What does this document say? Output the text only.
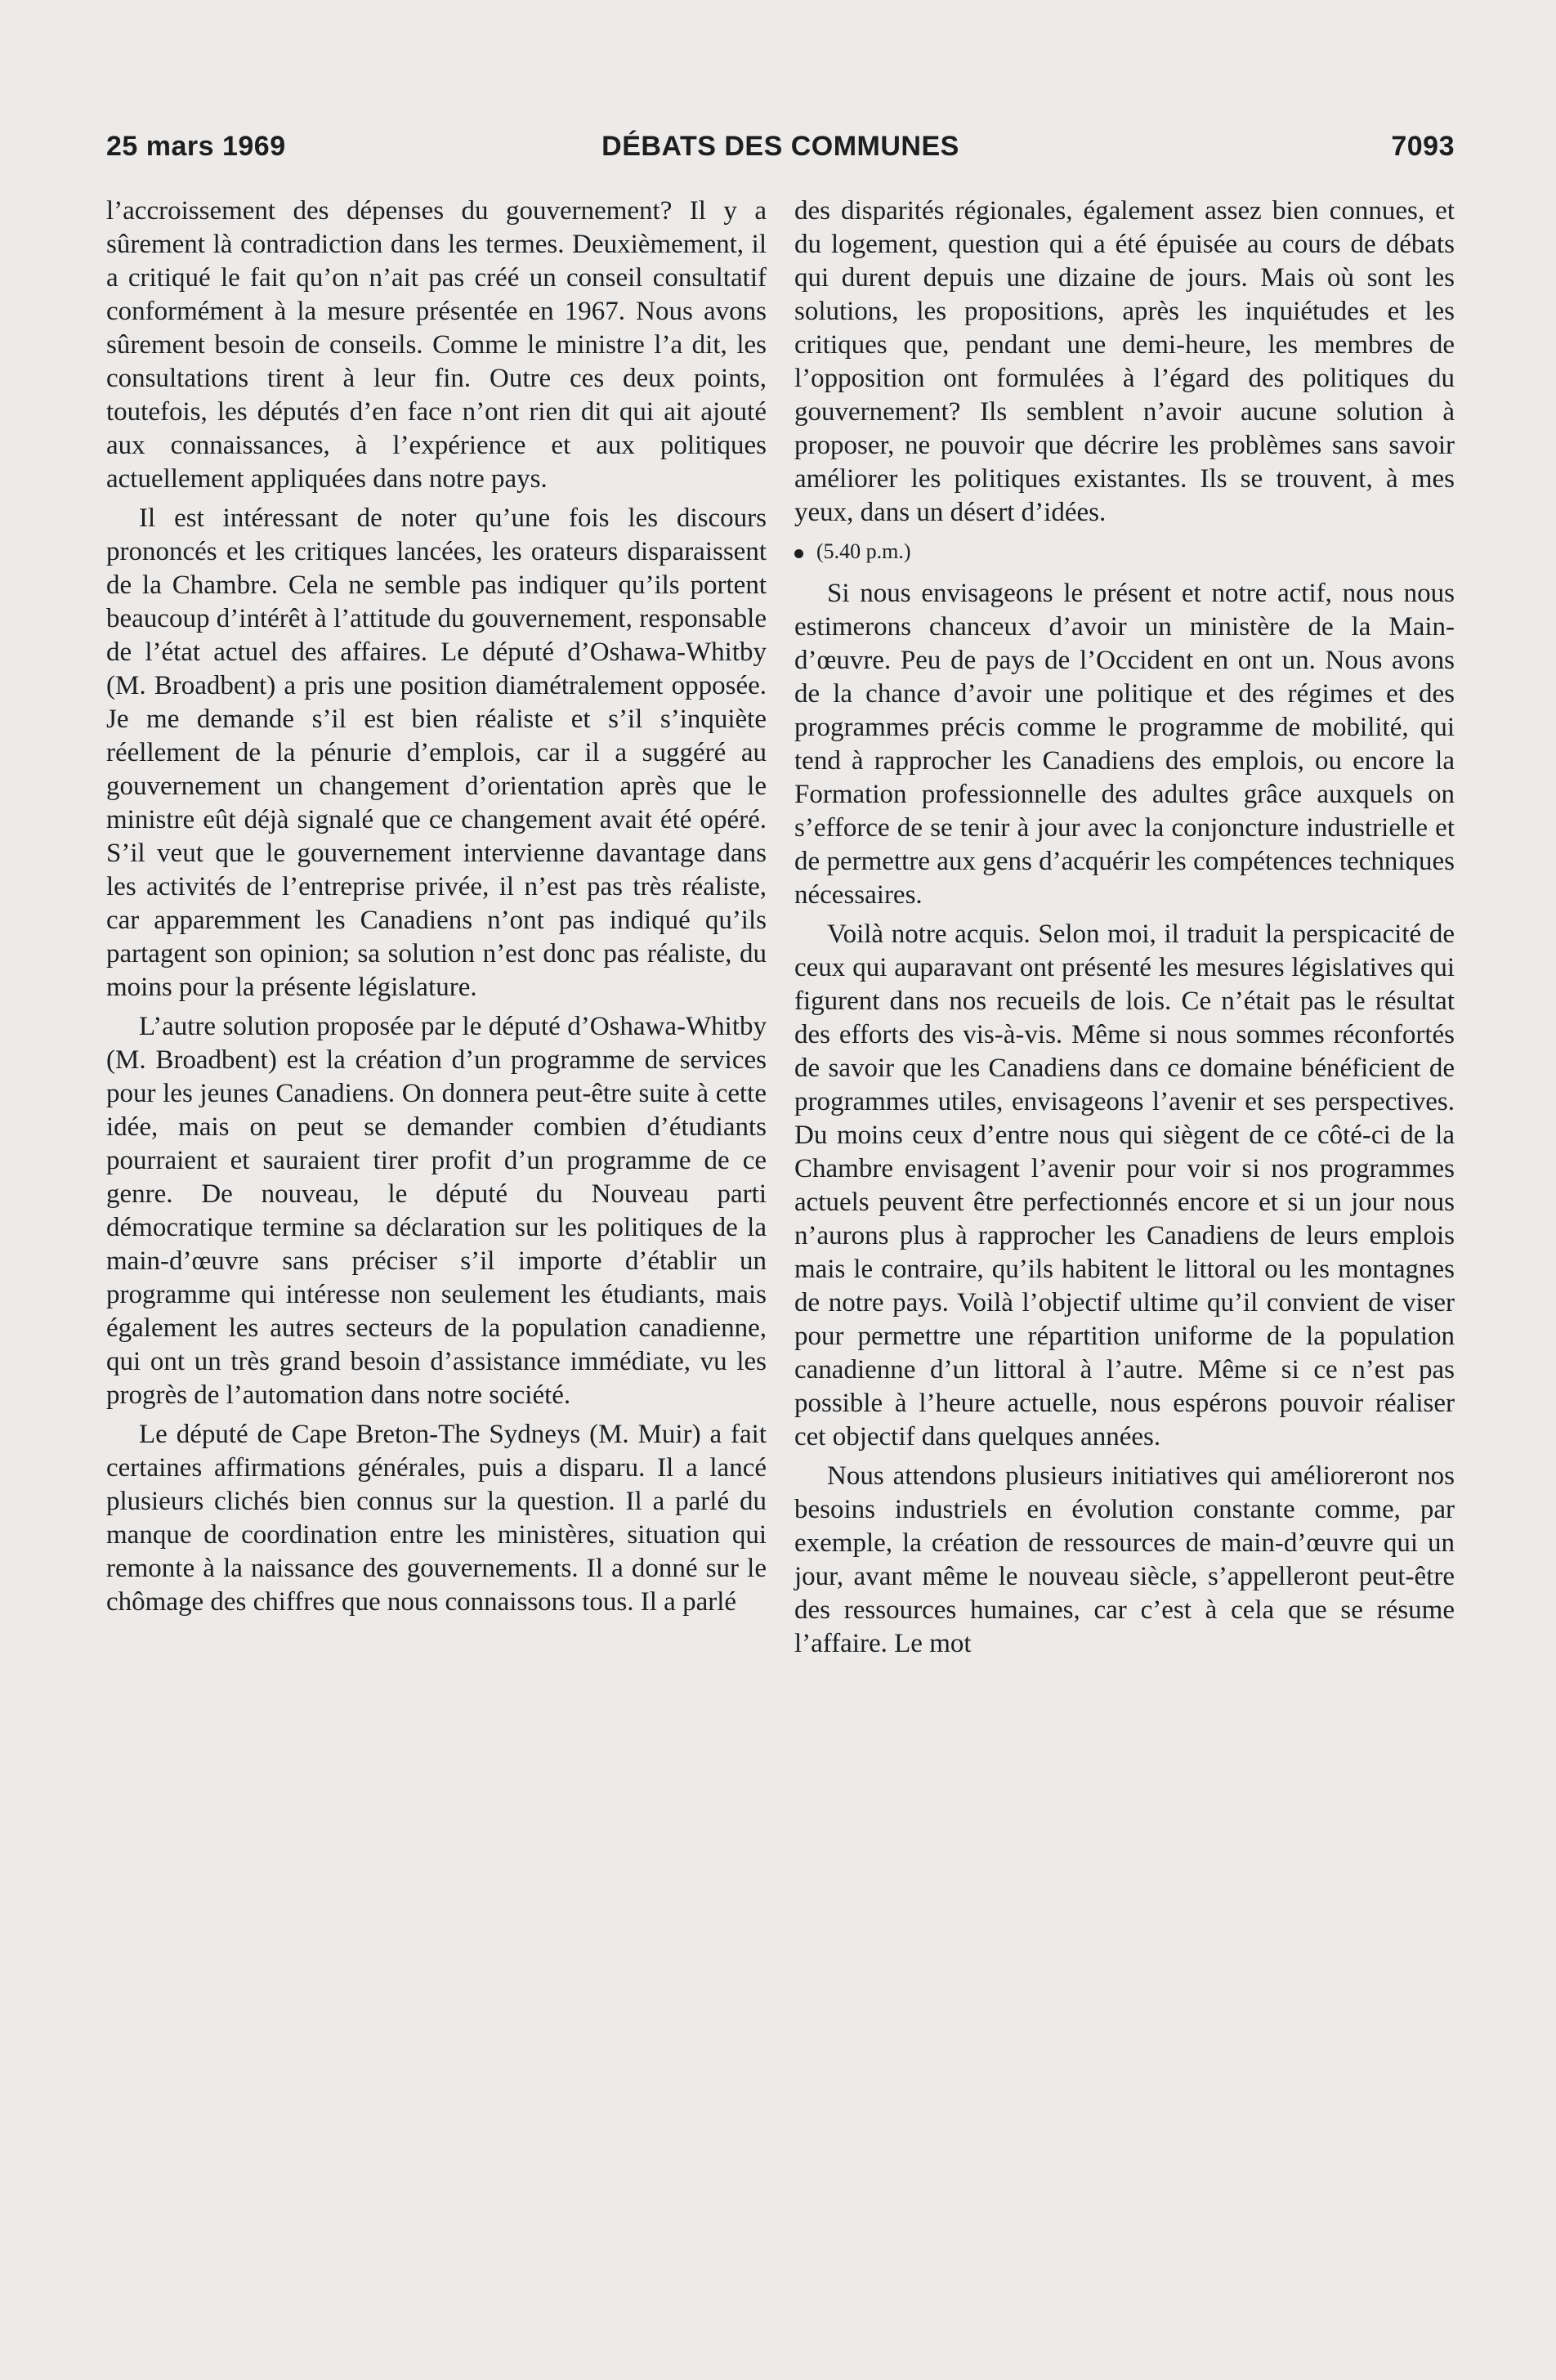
25 mars 1969	DÉBATS DES COMMUNES	7093

l’accroissement des dépenses du gouvernement? Il y a sûrement là contradiction dans les termes. Deuxièmement, il a critiqué le fait qu’on n’ait pas créé un conseil consultatif conformément à la mesure présentée en 1967. Nous avons sûrement besoin de conseils. Comme le ministre l’a dit, les consultations tirent à leur fin. Outre ces deux points, toutefois, les députés d’en face n’ont rien dit qui ait ajouté aux connaissances, à l’expérience et aux politiques actuellement appliquées dans notre pays.

Il est intéressant de noter qu’une fois les discours prononcés et les critiques lancées, les orateurs disparaissent de la Chambre. Cela ne semble pas indiquer qu’ils portent beaucoup d’intérêt à l’attitude du gouvernement, responsable de l’état actuel des affaires. Le député d’Oshawa-Whitby (M. Broadbent) a pris une position diamétralement opposée. Je me demande s’il est bien réaliste et s’il s’inquiète réellement de la pénurie d’emplois, car il a suggéré au gouvernement un changement d’orientation après que le ministre eût déjà signalé que ce changement avait été opéré. S’il veut que le gouvernement intervienne davantage dans les activités de l’entreprise privée, il n’est pas très réaliste, car apparemment les Canadiens n’ont pas indiqué qu’ils partagent son opinion; sa solution n’est donc pas réaliste, du moins pour la présente législature.

L’autre solution proposée par le député d’Oshawa-Whitby (M. Broadbent) est la création d’un programme de services pour les jeunes Canadiens. On donnera peut-être suite à cette idée, mais on peut se demander combien d’étudiants pourraient et sauraient tirer profit d’un programme de ce genre. De nouveau, le député du Nouveau parti démocratique termine sa déclaration sur les politiques de la main-d’œuvre sans préciser s’il importe d’établir un programme qui intéresse non seulement les étudiants, mais également les autres secteurs de la population canadienne, qui ont un très grand besoin d’assistance immédiate, vu les progrès de l’automation dans notre société.

Le député de Cape Breton-The Sydneys (M. Muir) a fait certaines affirmations générales, puis a disparu. Il a lancé plusieurs clichés bien connus sur la question. Il a parlé du manque de coordination entre les ministères, situation qui remonte à la naissance des gouvernements. Il a donné sur le chômage des chiffres que nous connaissons tous. Il a parlé

des disparités régionales, également assez bien connues, et du logement, question qui a été épuisée au cours de débats qui durent depuis une dizaine de jours. Mais où sont les solutions, les propositions, après les inquiétudes et les critiques que, pendant une demi-heure, les membres de l’opposition ont formulées à l’égard des politiques du gouvernement? Ils semblent n’avoir aucune solution à proposer, ne pouvoir que décrire les problèmes sans savoir améliorer les politiques existantes. Ils se trouvent, à mes yeux, dans un désert d’idées.

(5.40 p.m.)

Si nous envisageons le présent et notre actif, nous nous estimerons chanceux d’avoir un ministère de la Main-d’œuvre. Peu de pays de l’Occident en ont un. Nous avons de la chance d’avoir une politique et des régimes et des programmes précis comme le programme de mobilité, qui tend à rapprocher les Canadiens des emplois, ou encore la Formation professionnelle des adultes grâce auxquels on s’efforce de se tenir à jour avec la conjoncture industrielle et de permettre aux gens d’acquérir les compétences techniques nécessaires.

Voilà notre acquis. Selon moi, il traduit la perspicacité de ceux qui auparavant ont présenté les mesures législatives qui figurent dans nos recueils de lois. Ce n’était pas le résultat des efforts des vis-à-vis. Même si nous sommes réconfortés de savoir que les Canadiens dans ce domaine bénéficient de programmes utiles, envisageons l’avenir et ses perspectives. Du moins ceux d’entre nous qui siègent de ce côté-ci de la Chambre envisagent l’avenir pour voir si nos programmes actuels peuvent être perfectionnés encore et si un jour nous n’aurons plus à rapprocher les Canadiens de leurs emplois mais le contraire, qu’ils habitent le littoral ou les montagnes de notre pays. Voilà l’objectif ultime qu’il convient de viser pour permettre une répartition uniforme de la population canadienne d’un littoral à l’autre. Même si ce n’est pas possible à l’heure actuelle, nous espérons pouvoir réaliser cet objectif dans quelques années.

Nous attendons plusieurs initiatives qui amélioreront nos besoins industriels en évolution constante comme, par exemple, la création de ressources de main-d’œuvre qui un jour, avant même le nouveau siècle, s’appelleront peut-être des ressources humaines, car c’est à cela que se résume l’affaire. Le mot
